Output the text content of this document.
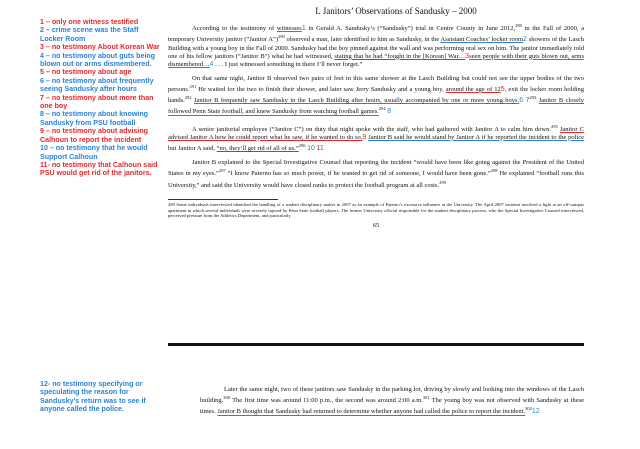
1 – only one witness testified

2 – crime scene was the Staff Locker Room

3 – no testimony About Korean War

4 – no testimony about guts being blown out or arms dismembered.

5 – no testimony about age

6 – no testimony about frequently seeing Sandusky after hours

7 – no testimony about more than one boy

8 – no testimony about knowing Sandusky from PSU football

9 – no testimony about advising Calhoun to report the incident

10 – no testimony that he would Support Calhoun

11- no testimony that Calhoun said PSU would get rid of the janitors.

12- no testimony specifying or speculating the reason for Sandusky’s return was to see if anyone called the police.

I. Janitors’ Observations of Sandusky – 2000

According to the testimony of witnesses1 in Gerald A. Sandusky’s (“Sandusky”) trial in Centre County in June 2012,$^{289}$ in the Fall of 2000, a temporary University janitor (“Janitor A”)$^{290}$ observed a man, later identified to him as Sandusky, in the Assistant Coaches’ locker room2 showers of the Lasch Building with a young boy in the Fall of 2000. Sandusky had the boy pinned against the wall and was performing oral sex on him. The janitor immediately told one of his fellow janitors (“Janitor B”) what he had witnessed, stating that he had “fought in the [Korean] War…3seen people with their guts blown out, arms dismembered…4 . . . I just witnessed something in there I’ll never forget.”

On that same night, Janitor B observed two pairs of feet in this same shower at the Lasch Building but could not see the upper bodies of the two persons.$^{291}$ He waited for the two to finish their shower, and later saw Jerry Sandusky and a young boy, around the age of 125, exit the locker room holding hands.$^{292}$ Janitor B frequently saw Sandusky in the Lasch Building after hours, usually accompanied by one or more young boys.6 $7^{293}$ Janitor B closely followed Penn State football, and knew Sandusky from watching football games.$^{294}$ 8

A senior janitorial employee (“Janitor C”) on duty that night spoke with the staff, who had gathered with Janitor A to calm him down.$^{295}$ Janitor C advised Janitor A how he could report what he saw, if he wanted to do so.9 Janitor B said he would stand by Janitor A if he reported the incident to the police but Janitor A said, “no, they’ll get rid of all of us.”$^{296}$ 10 11

Janitor B explained to the Special Investigative Counsel that reporting the incident “would have been like going against the President of the United States in my eyes.”$^{297}$ “I know Paterno has so much power, if he wanted to get rid of someone, I would have been gone.”$^{298}$ He explained “football runs this University,” and said the University would have closed ranks to protect the football program at all costs.$^{299}$

289 Some individuals interviewed identified the handling of a student disciplinary matter in 2007 as an example of Paterno’s excessive influence at the University. The April 2007 incident involved a fight at an off-campus apartment in which several individuals were severely injured by Penn State football players. The former University official responsible for the student disciplinary process, who the Special Investigative Counsel interviewed, perceived pressure from the Athletics Department, and particularly

65

Later the same night, two of these janitors saw Sandusky in the parking lot, driving by slowly and looking into the windows of the Lasch building.$^{300}$ The first time was around 11:00 p.m., the second was around 2:00 a.m.$^{301}$ The young boy was not observed with Sandusky at these times. Janitor B thought that Sandusky had returned to determine whether anyone had called the police to report the incident.$^{302}$12
